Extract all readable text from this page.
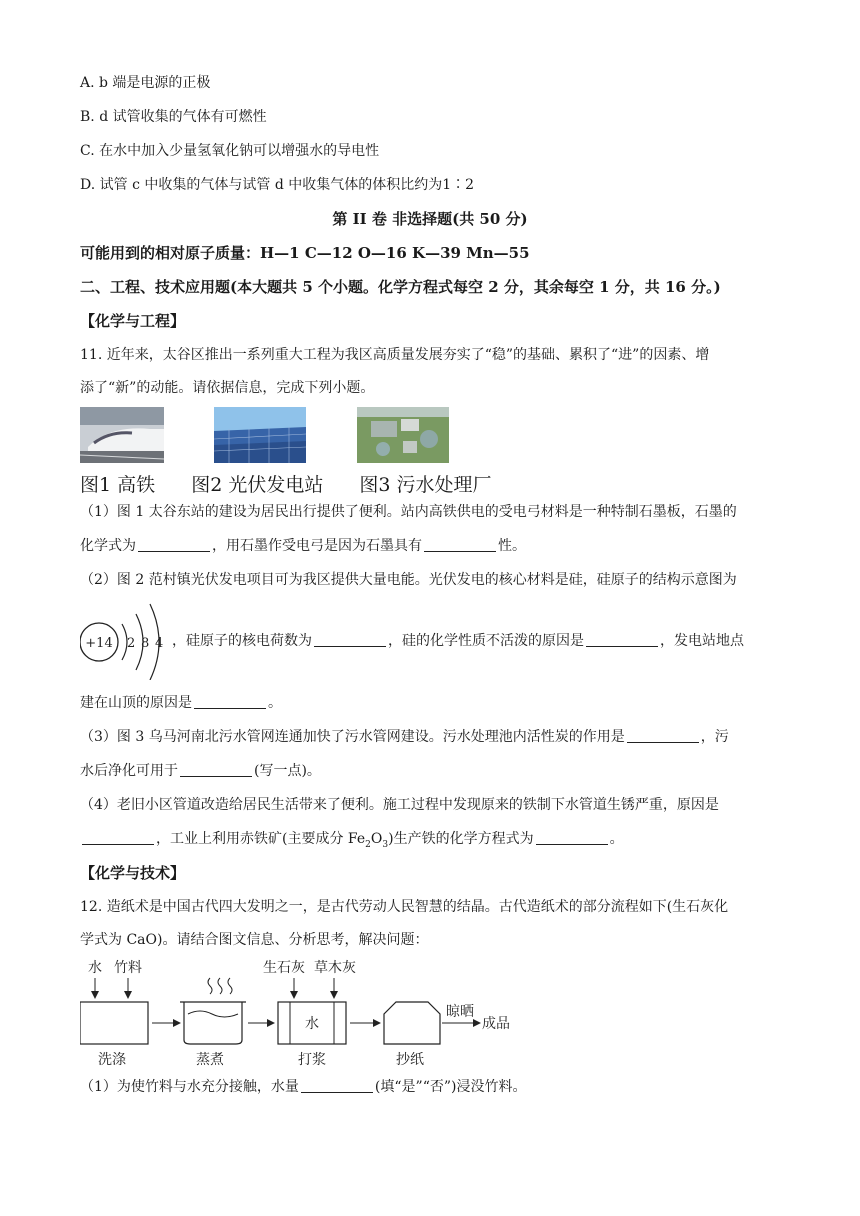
A. b 端是电源的正极
B. d 试管收集的气体有可燃性
C. 在水中加入少量氢氧化钠可以增强水的导电性
D. 试管 c 中收集的气体与试管 d 中收集气体的体积比约为1∶2
第 II 卷 非选择题(共 50 分)
可能用到的相对原子质量：H—1 C—12 O—16 K—39 Mn—55
二、工程、技术应用题(本大题共 5 个小题。化学方程式每空 2 分，其余每空 1 分，共 16 分。)
【化学与工程】
11. 近年来，太谷区推出一系列重大工程为我区高质量发展夯实了“稳”的基础、累积了“进”的因素、增
添了“新”的动能。请依据信息，完成下列小题。
图1 高铁 图2 光伏发电站 图3 污水处理厂
（1）图 1 太谷东站的建设为居民出行提供了便利。站内高铁供电的受电弓材料是一种特制石墨板，石墨的
化学式为	，用石墨作受电弓是因为石墨具有	性。
（2）图 2 范村镇光伏发电项目可为我区提供大量电能。光伏发电的核心材料是硅，硅原子的结构示意图为
+14 2 8 4 ，硅原子的核电荷数为	，硅的化学性质不活泼的原因是	，发电站地点
建在山顶的原因是	。
（3）图 3 乌马河南北污水管网连通加快了污水管网建设。污水处理池内活性炭的作用是	，污
水后净化可用于	(写一点)。
（4）老旧小区管道改造给居民生活带来了便利。施工过程中发现原来的铁制下水管道生锈严重，原因是
，工业上利用赤铁矿(主要成分 $Fe_2O_3$)生产铁的化学方程式为	。
【化学与技术】
12. 造纸术是中国古代四大发明之一，是古代劳动人民智慧的结晶。古代造纸术的部分流程如下(生石灰化
学式为 CaO)。请结合图文信息、分析思考，解决问题：
水 竹料	生石灰 草木灰
水
晾晒
成品
洗涤	蒸煮	打浆	抄纸
（1）为使竹料与水充分接触，水量	(填“是”“否”)浸没竹料。
